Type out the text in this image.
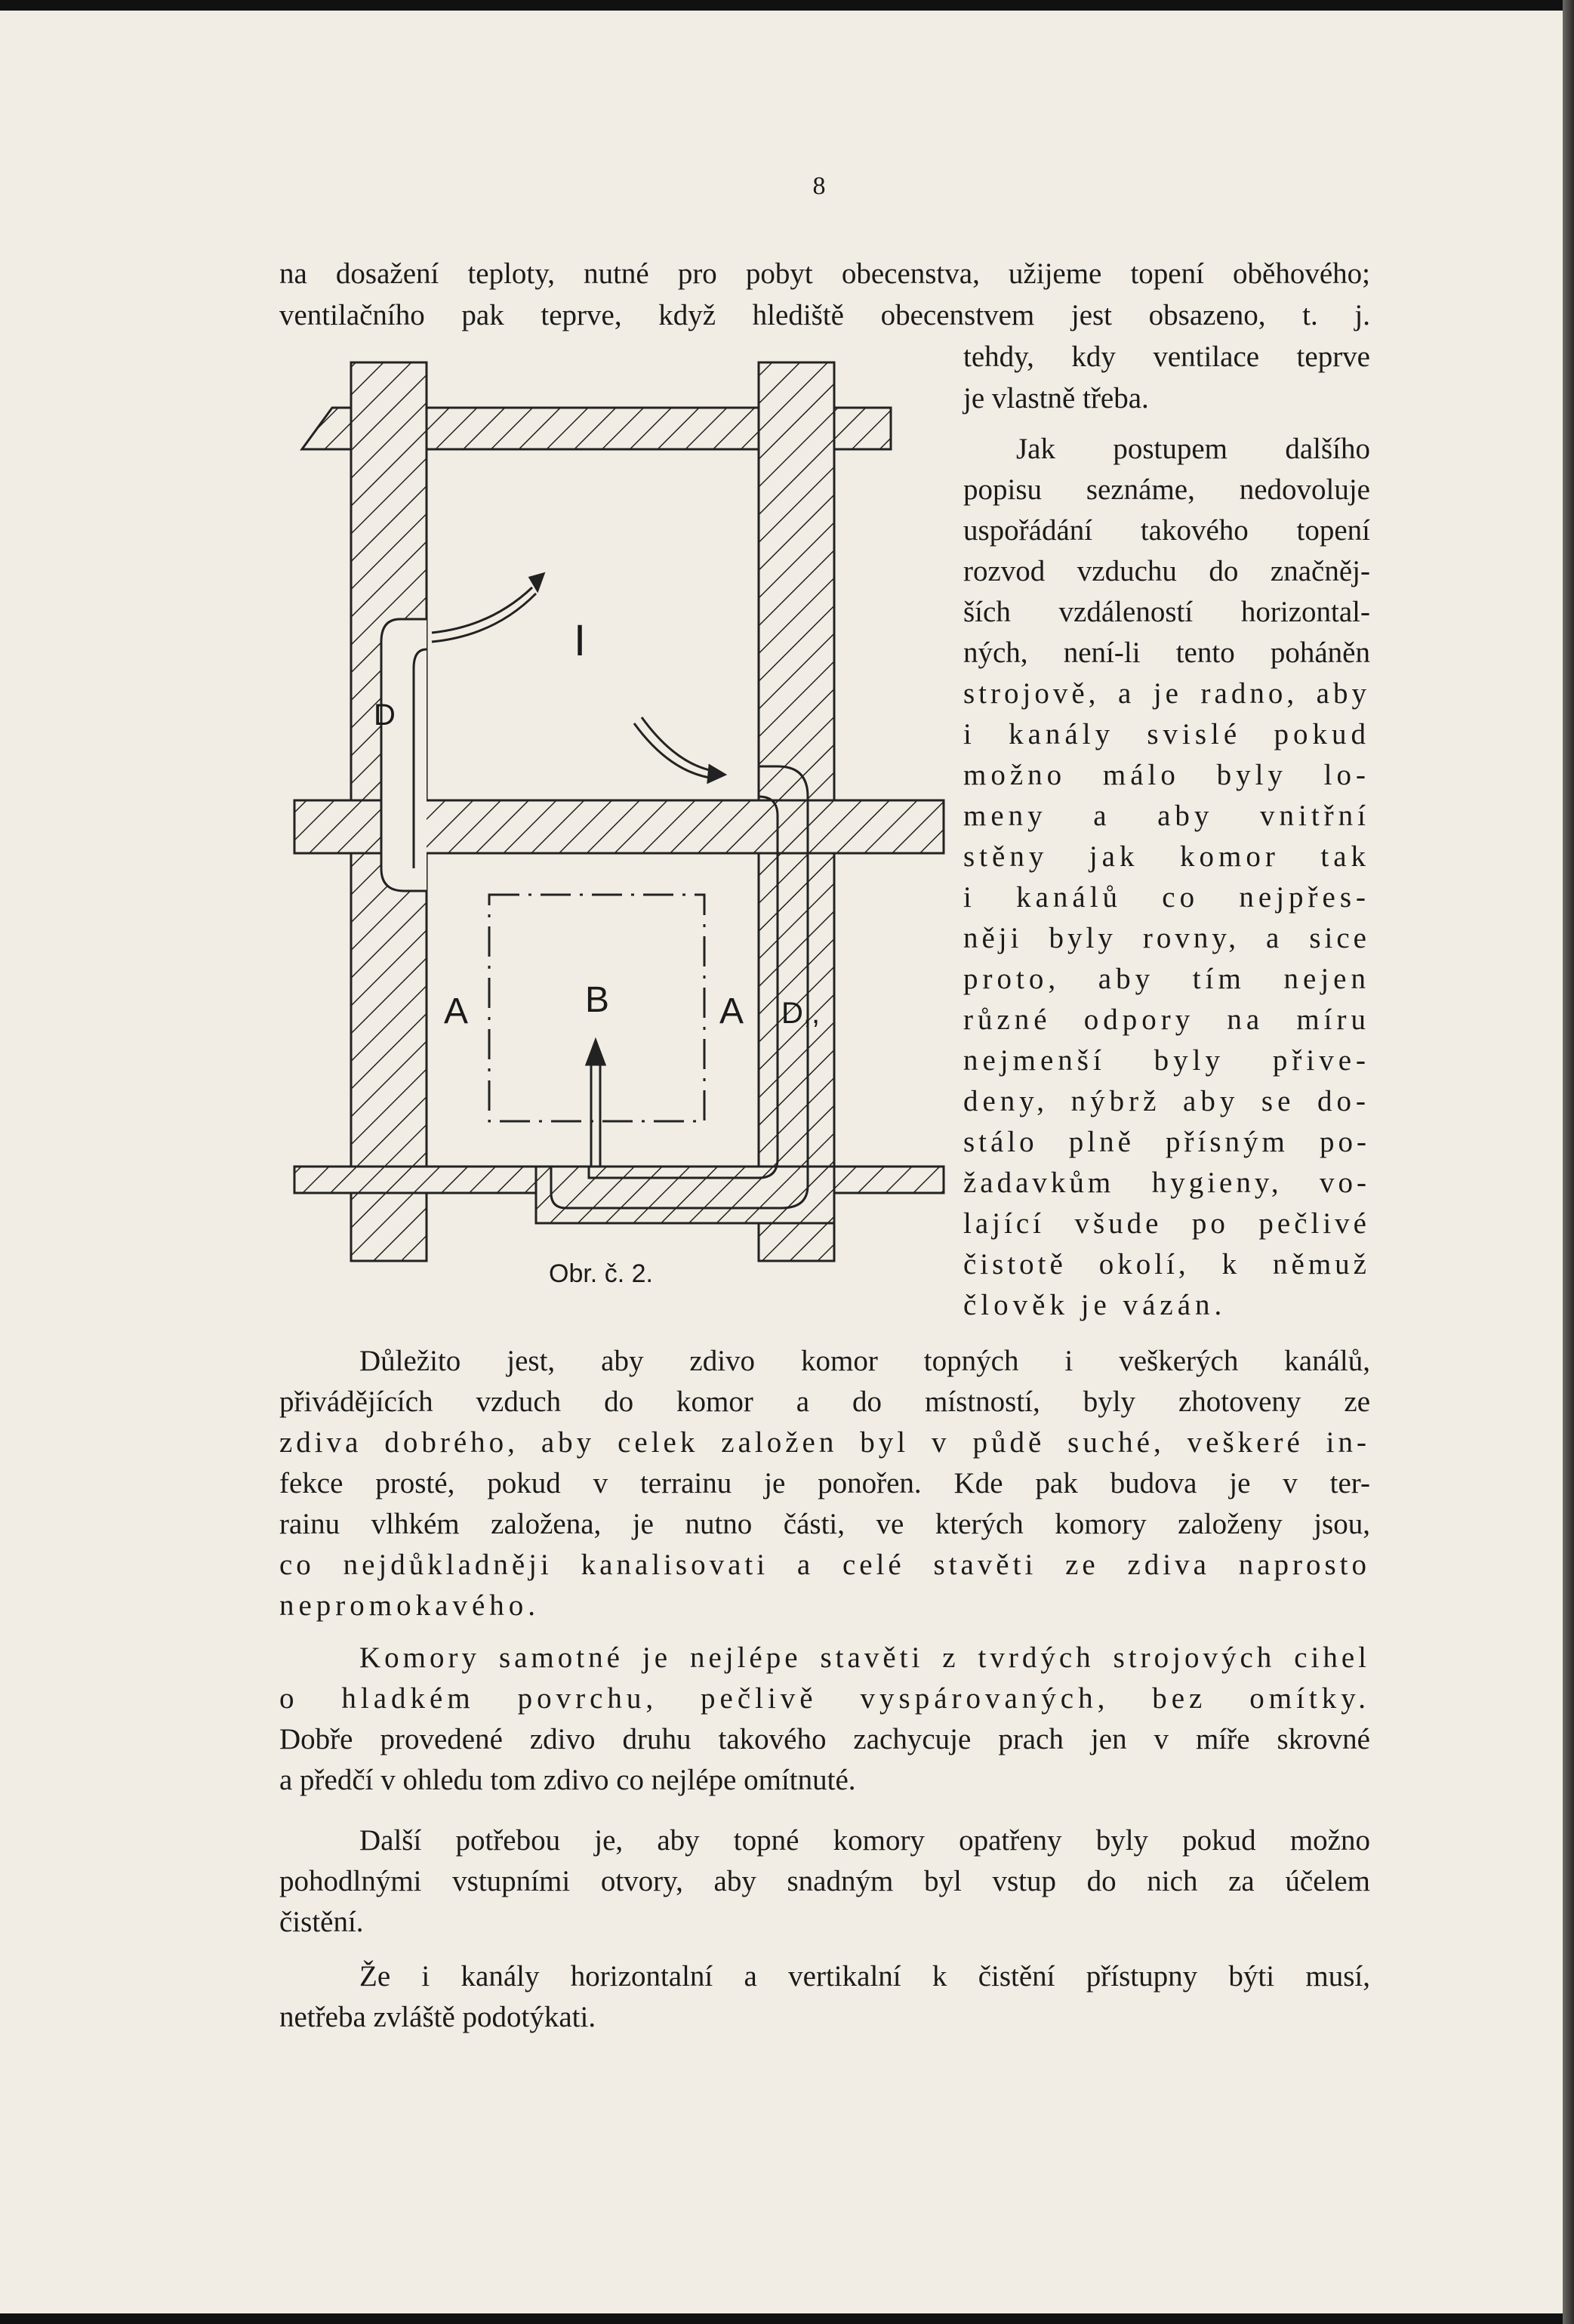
8
na dosažení teploty, nutné pro pobyt obecenstva, užijeme topení oběhového;
ventilačního pak teprve, když hlediště obecenstvem jest obsazeno, t. j.
tehdy, kdy ventilace teprve
je vlastně třeba.
Jak postupem dalšího
popisu seznáme, nedovoluje
uspořádání takového topení
rozvod vzduchu do značněj-
ších vzdáleností horizontal-
ných, není-li tento poháněn
strojově, a je radno, aby
i kanály svislé pokud
možno málo byly lo-
meny a aby vnitřní
stěny jak komor tak
i kanálů co nejpřes-
něji byly rovny, a sice
proto, aby tím nejen
různé odpory na míru
nejmenší byly přive-
deny, nýbrž aby se do-
stálo plně přísným po-
žadavkům hygieny, vo-
lající všude po pečlivé
čistotě okolí, k němuž
člověk je vázán.
I
D
D,,
A	B	A
Obr. č. 2.
Důležito jest, aby zdivo komor topných i veškerých kanálů,
přivádějících vzduch do komor a do místností, byly zhotoveny ze
zdiva dobrého, aby celek založen byl v půdě suché, veškeré in-
fekce prosté, pokud v terrainu je ponořen. Kde pak budova je v ter-
rainu vlhkém založena, je nutno části, ve kterých komory založeny jsou,
co nejdůkladněji kanalisovati a celé stavěti ze zdiva naprosto
nepromokavého.
Komory samotné je nejlépe stavěti z tvrdých strojových cihel
o hladkém povrchu, pečlivě vyspárovaných, bez omítky.
Dobře provedené zdivo druhu takového zachycuje prach jen v míře skrovné
a předčí v ohledu tom zdivo co nejlépe omítnuté.
Další potřebou je, aby topné komory opatřeny byly pokud možno
pohodlnými vstupními otvory, aby snadným byl vstup do nich za účelem
čistění.
Že i kanály horizontalní a vertikalní k čistění přístupny býti musí,
netřeba zvláště podotýkati.
